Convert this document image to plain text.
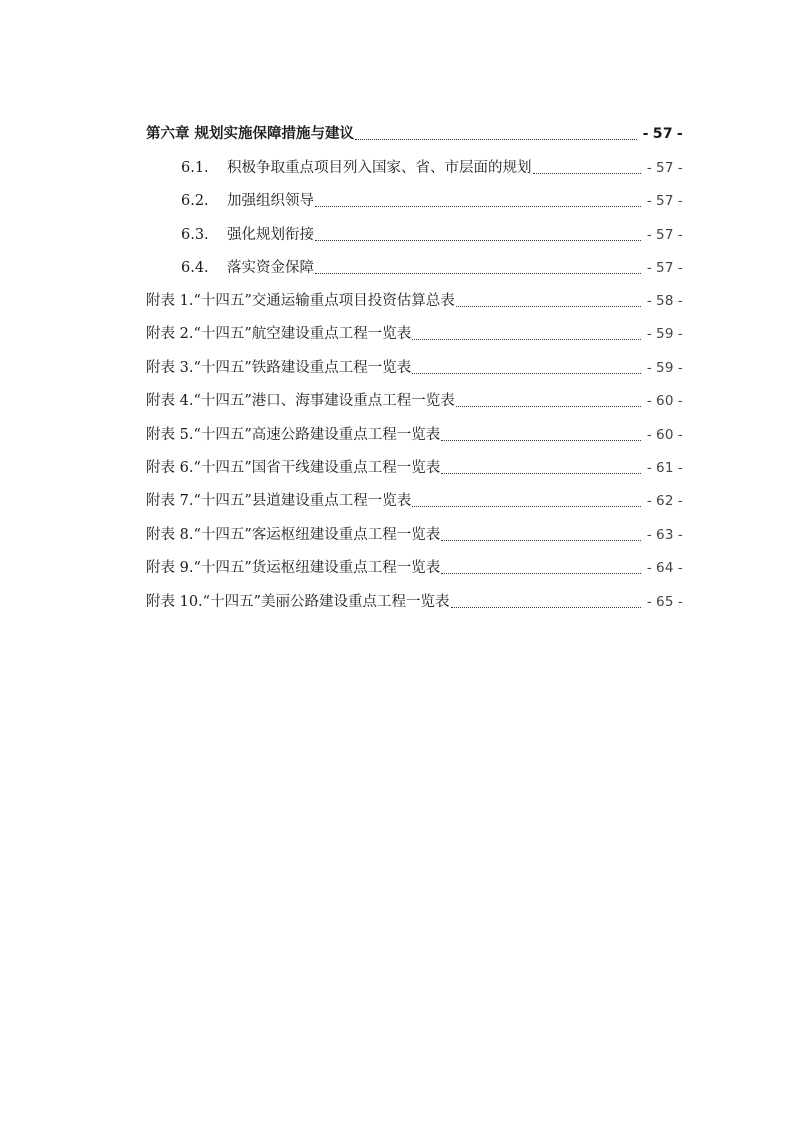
第六章 规划实施保障措施与建议	- 57 -
6.1.	积极争取重点项目列入国家、省、市层面的规划	- 57 -
6.2.	加强组织领导	- 57 -
6.3.	强化规划衔接	- 57 -
6.4.	落实资金保障	- 57 -
附表 1.“十四五”交通运输重点项目投资估算总表	- 58 -
附表 2.“十四五”航空建设重点工程一览表	- 59 -
附表 3.“十四五”铁路建设重点工程一览表	- 59 -
附表 4.“十四五”港口、海事建设重点工程一览表	- 60 -
附表 5.“十四五”高速公路建设重点工程一览表	- 60 -
附表 6.“十四五”国省干线建设重点工程一览表	- 61 -
附表 7.“十四五”县道建设重点工程一览表	- 62 -
附表 8.“十四五”客运枢纽建设重点工程一览表	- 63 -
附表 9.“十四五”货运枢纽建设重点工程一览表	- 64 -
附表 10.“十四五”美丽公路建设重点工程一览表	- 65 -
